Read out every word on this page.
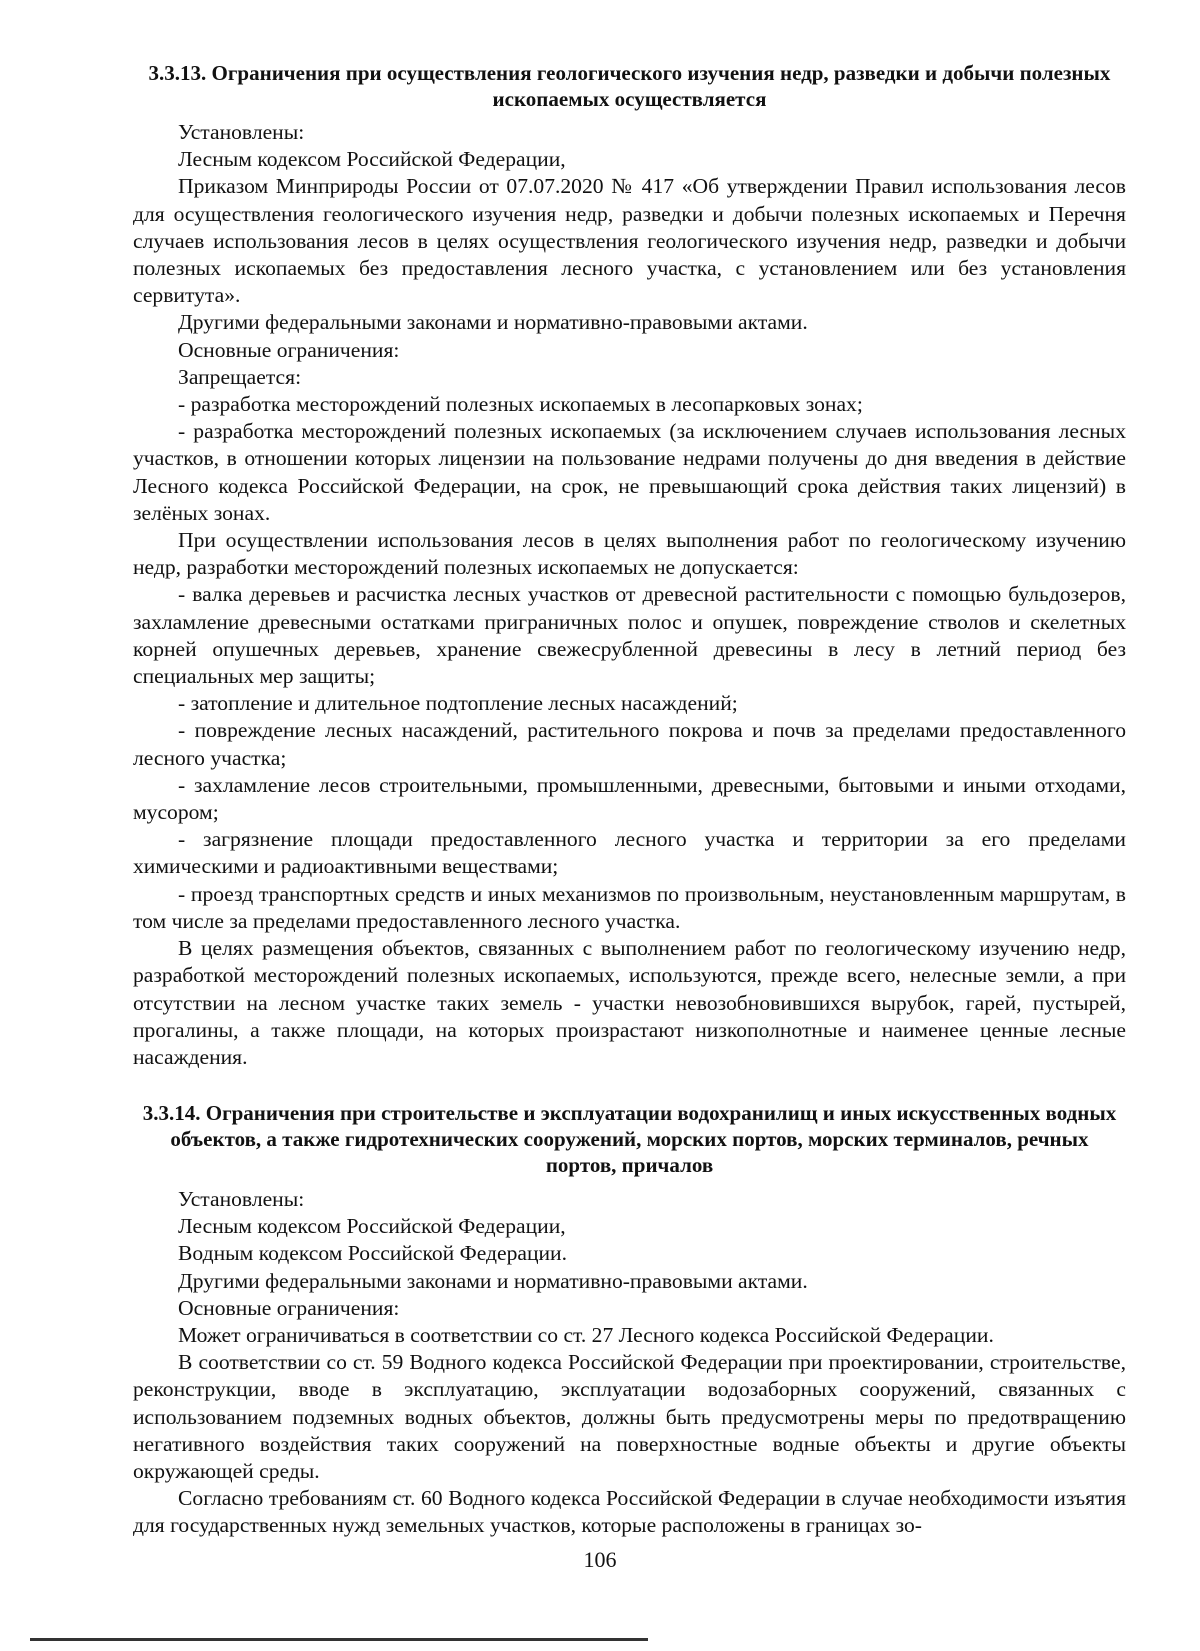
3.3.13. Ограничения при осуществления геологического изучения недр, разведки и добычи полезных ископаемых осуществляется

Установлены:

Лесным кодексом Российской Федерации,

Приказом Минприроды России от 07.07.2020 № 417 «Об утверждении Правил использования лесов для осуществления геологического изучения недр, разведки и добычи полезных ископаемых и Перечня случаев использования лесов в целях осуществления геологического изучения недр, разведки и добычи полезных ископаемых без предоставления лесного участка, с установлением или без установления сервитута».

Другими федеральными законами и нормативно-правовыми актами.

Основные ограничения:

Запрещается:

- разработка месторождений полезных ископаемых в лесопарковых зонах;

- разработка месторождений полезных ископаемых (за исключением случаев использования лесных участков, в отношении которых лицензии на пользование недрами получены до дня введения в действие Лесного кодекса Российской Федерации, на срок, не превышающий срока действия таких лицензий) в зелёных зонах.

При осуществлении использования лесов в целях выполнения работ по геологическому изучению недр, разработки месторождений полезных ископаемых не допускается:

- валка деревьев и расчистка лесных участков от древесной растительности с помощью бульдозеров, захламление древесными остатками приграничных полос и опушек, повреждение стволов и скелетных корней опушечных деревьев, хранение свежесрубленной древесины в лесу в летний период без специальных мер защиты;

- затопление и длительное подтопление лесных насаждений;

- повреждение лесных насаждений, растительного покрова и почв за пределами предоставленного лесного участка;

- захламление лесов строительными, промышленными, древесными, бытовыми и иными отходами, мусором;

- загрязнение площади предоставленного лесного участка и территории за его пределами химическими и радиоактивными веществами;

- проезд транспортных средств и иных механизмов по произвольным, неустановленным маршрутам, в том числе за пределами предоставленного лесного участка.

В целях размещения объектов, связанных с выполнением работ по геологическому изучению недр, разработкой месторождений полезных ископаемых, используются, прежде всего, нелесные земли, а при отсутствии на лесном участке таких земель - участки невозобновившихся вырубок, гарей, пустырей, прогалины, а также площади, на которых произрастают низкополнотные и наименее ценные лесные насаждения.

3.3.14. Ограничения при строительстве и эксплуатации водохранилищ и иных искусственных водных объектов, а также гидротехнических сооружений, морских портов, морских терминалов, речных портов, причалов

Установлены:

Лесным кодексом Российской Федерации,

Водным кодексом Российской Федерации.

Другими федеральными законами и нормативно-правовыми актами.

Основные ограничения:

Может ограничиваться в соответствии со ст. 27 Лесного кодекса Российской Федерации.

В соответствии со ст. 59 Водного кодекса Российской Федерации при проектировании, строительстве, реконструкции, вводе в эксплуатацию, эксплуатации водозаборных сооружений, связанных с использованием подземных водных объектов, должны быть предусмотрены меры по предотвращению негативного воздействия таких сооружений на поверхностные водные объекты и другие объекты окружающей среды.

Согласно требованиям ст. 60 Водного кодекса Российской Федерации в случае необходимости изъятия для государственных нужд земельных участков, которые расположены в границах зо-

106
